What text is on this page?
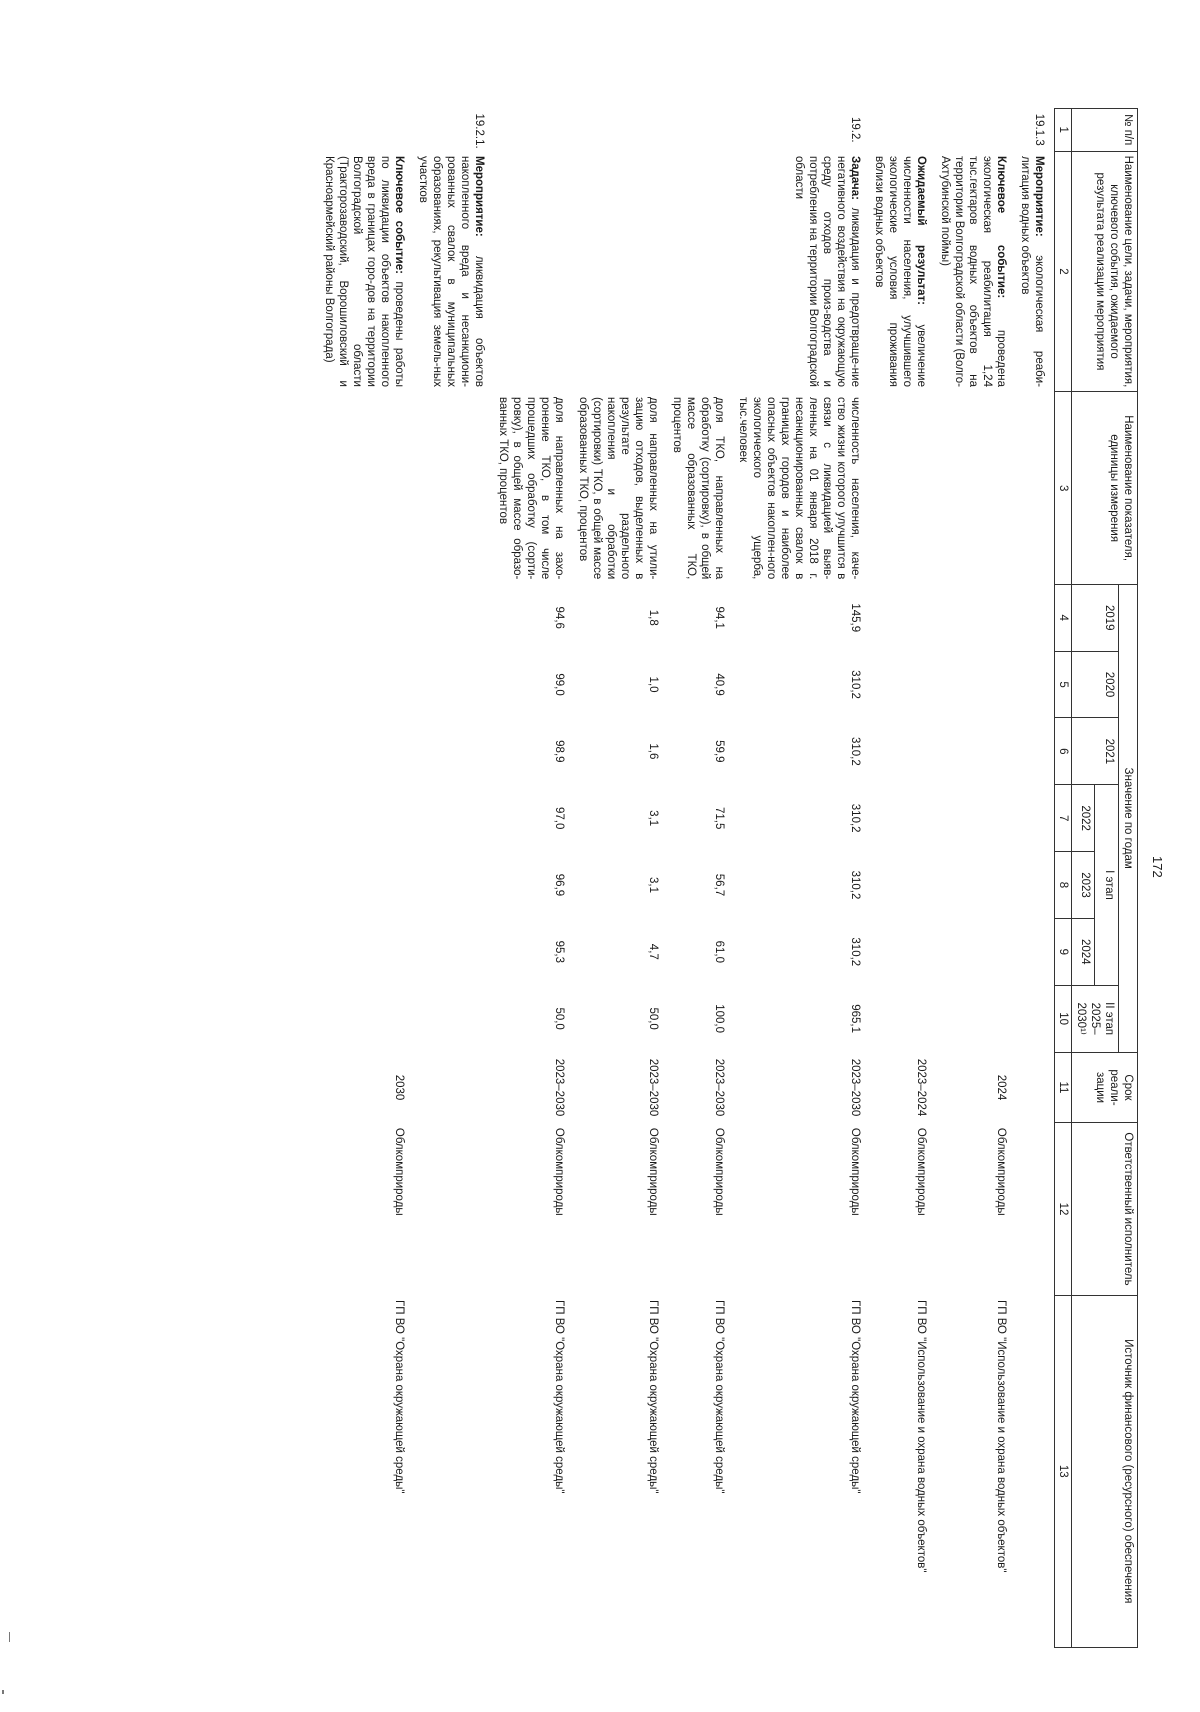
172
№ п/п	Наименование цели, задачи, мероприятия, ключевого события, ожидаемого результата реализации мероприятия	Наименование показателя, единицы измерения	Значение по годам							Срок реали-зации	Ответственный исполнитель	Источник финансового (ресурсного) обеспечения
			2019	2020	2021	I этап			II этап 2025–2030¹⁾			
						2022	2023	2024				
1	2	3	4	5	6	7	8	9	10	11	12	13
19.1.3	Мероприятие: экологическая реаби-литация водных объектов											
	Ключевое событие: проведена экологическая реабилитация 1,24 тыс.гектаров водных объектов на территории Волгоградской области (Волго-Ахтубинской поймы)									2024	Облкомприроды	ГП ВО "Использование и охрана водных объектов"
	Ожидаемый результат: увеличение численности населения, улучшившего экологические условия проживания вблизи водных объектов									2023–2024	Облкомприроды	ГП ВО "Использование и охрана водных объектов"
19.2.	Задача: ликвидация и предотвраще-ние негативного воздействия на окружающую среду отходов произ-водства и потребления на территории Волгоградской области	численность населения, каче-ство жизни которого улучшится в связи с ликвидацией выяв-ленных на 01 января 2018 г. несанкционированных свалок в границах городов и наиболее опасных объектов накоплен-ного экологического ущерба, тыс.человек	145,9	310,2	310,2	310,2	310,2	310,2	965,1	2023–2030	Облкомприроды	ГП ВО "Охрана окружающей среды"
		доля ТКО, направленных на обработку (сортировку), в общей массе образованных ТКО, процентов	94,1	40,9	59,9	71,5	56,7	61,0	100,0	2023–2030	Облкомприроды	ГП ВО "Охрана окружающей среды"
		доля направленных на утили-зацию отходов, выделенных в результате раздельного накопления и обработки (сортировки) ТКО, в общей массе образованных ТКО, процентов	1,8	1,0	1,6	3,1	3,1	4,7	50,0	2023–2030	Облкомприроды	ГП ВО "Охрана окружающей среды"
		доля направленных на захо-ронение ТКО, в том числе прошедших обработку (сорти-ровку), в общей массе образо-ванных ТКО, процентов	94,6	99,0	98,9	97,0	96,9	95,3	50,0	2023–2030	Облкомприроды	ГП ВО "Охрана окружающей среды"
19.2.1.	Мероприятие: ликвидация объектов накопленного вреда и несанкциони-рованных свалок в муниципальных образованиях, рекультивация земель-ных участков											
	Ключевое событие: проведены работы по ликвидации объектов накопленного вреда в границах горо-дов на территории Волгоградской области (Тракторозаводский, Ворошиловский и Красноармейский районы Волгограда)									2030	Облкомприроды	ГП ВО "Охрана окружающей среды"
